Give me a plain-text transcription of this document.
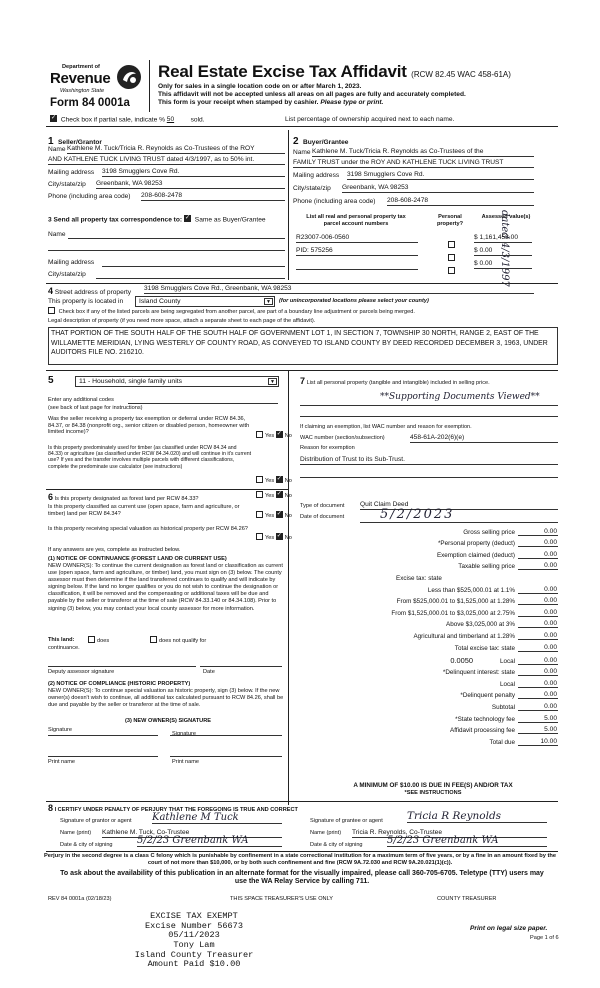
Department of
Revenue
Washington State
Form 84 0001a
Real Estate Excise Tax Affidavit (RCW 82.45 WAC 458-61A)
Only for sales in a single location code on or after March 1, 2023.
This affidavit will not be accepted unless all areas on all pages are fully and accurately completed.
This form is your receipt when stamped by cashier. Please type or print.
✓ Check box if partial sale, indicate % 50	sold.	List percentage of ownership acquired next to each name.
1 Seller/Grantor
Name Kathlene M. Tuck/Tricia R. Reynolds as Co-Trustees of the ROY
AND KATHLENE TUCK LIVING TRUST dated 4/3/1997, as to 50% int.
Mailing address 3198 Smugglers Cove Rd.
City/state/zip Greenbank, WA 98253
Phone (including area code) 208-608-2478
2 Buyer/Grantee
Name Kathlene M. Tuck/Tricia R. Reynolds as Co-Trustees of the
FAMILY TRUST under the ROY AND KATHLENE TUCK LIVING TRUST
Mailing address 3198 Smugglers Cove Rd.
City/state/zip Greenbank, WA 98253
Phone (including area code) 208-608-2478
dated 4/3/1997
3 Send all property tax correspondence to: ✓ Same as Buyer/Grantee
Name
Mailing address
City/state/zip
List all real and personal property tax parcel account numbers
Personal property?
Assessed value(s)
R23007-006-0560	$ 1,161,453.00
PID: 575256	$ 0.00
$ 0.00
4 Street address of property
3198 Smugglers Cove Rd., Greenbank, WA 98253
This property is located in	Island County	▼	(for unincorporated locations please select your county)
Check box if any of the listed parcels are being segregated from another parcel, are part of a boundary line adjustment or parcels being merged.
Legal description of property (if you need more space, attach a separate sheet to each page of the affidavit).
THAT PORTION OF THE SOUTH HALF OF THE SOUTH HALF OF GOVERNMENT LOT 1, IN SECTION 7, TOWNSHIP 30 NORTH, RANGE 2, EAST OF THE WILLAMETTE MERIDIAN, LYING WESTERLY OF COUNTY ROAD, AS CONVEYED TO ISLAND COUNTY BY DEED RECORDED DECEMBER 3, 1963, UNDER AUDITORS FILE NO. 216210.
5	11 - Household, single family units	▼
Enter any additional codes
(see back of last page for instructions)
Was the seller receiving a property tax exemption or deferral under RCW 84.36, 84.37, or 84.38 (nonprofit org., senior citizen or disabled person, homeowner with limited income)?
Yes ✓ No
Is this property predominately used for timber (as classified under RCW 84.34 and 84.33) or agriculture (as classified under RCW 84.34.020) and will continue in it's current use? If yes and the transfer involves multiple parcels with different classifications, complete the predominate use calculator (see instructions)
Yes ✓ No
6 Is this property designated as forest land per RCW 84.33?
Yes ✓ No
Is this property classified as current use (open space, farm and agriculture, or timber) land per RCW 84.34?	Yes ✓ No
Is this property receiving special valuation as historical property per RCW 84.26?
Yes ✓ No
If any answers are yes, complete as instructed below.
(1) NOTICE OF CONTINUANCE (FOREST LAND OR CURRENT USE)
NEW OWNER(S): To continue the current designation as forest land or classification as current use (open space, farm and agriculture, or timber) land, you must sign on (3) below. The county assessor must then determine if the land transferred continues to qualify and will indicate by signing below. If the land no longer qualifies or you do not wish to continue the designation or classification, it will be removed and the compensating or additional taxes will be due and payable by the seller or transferor at the time of sale (RCW 84.33.140 or 84.34.108). Prior to signing (3) below, you may contact your local county assessor for more information.
This land:	does	does not qualify for
continuance.
Deputy assessor signature	Date
(2) NOTICE OF COMPLIANCE (HISTORIC PROPERTY)
NEW OWNER(S): To continue special valuation as historic property, sign (3) below. If the new owner(s) doesn't wish to continue, all additional tax calculated pursuant to RCW 84.26, shall be due and payable by the seller or transferor at the time of sale.
(3) NEW OWNER(S) SIGNATURE
Signature
Signature
Print name	Print name
7 List all personal property (tangible and intangible) included in selling price.
**Supporting Documents Viewed**
If claiming an exemption, list WAC number and reason for exemption.
WAC number (section/subsection)	458-61A-202(6)(e)
Reason for exemption
Distribution of Trust to its Sub-Trust.
Type of document Quit Claim Deed
Date of document	5/2/2023
Gross selling price	0.00
*Personal property (deduct)	0.00
Exemption claimed (deduct)	0.00
Taxable selling price	0.00
Excise tax: state
Less than $525,000.01 at 1.1%	0.00
From $525,000.01 to $1,525,000 at 1.28%	0.00
From $1,525,000.01 to $3,025,000 at 2.75%	0.00
Above $3,025,000 at 3%	0.00
Agricultural and timberland at 1.28%	0.00
Total excise tax: state	0.00
0.0050	Local	0.00
*Delinquent interest: state	0.00
Local	0.00
*Delinquent penalty	0.00
Subtotal	0.00
*State technology fee	5.00
Affidavit processing fee	5.00
Total due	10.00
A MINIMUM OF $10.00 IS DUE IN FEE(S) AND/OR TAX
*SEE INSTRUCTIONS
8 I CERTIFY UNDER PENALTY OF PERJURY THAT THE FOREGOING IS TRUE AND CORRECT
Signature of grantor or agent Kathlene M Tuck
Name (print) Kathlene M. Tuck, Co-Trustee
Date & city of signing 5/2/23 Greenbank WA
Signature of grantee or agent Tricia R Reynolds
Name (print) Tricia R. Reynolds, Co-Trustee
Date & city of signing 5/2/23 Greenbank WA
Perjury in the second degree is a class C felony which is punishable by confinement in a state correctional institution for a maximum term of five years, or by a fine in an amount fixed by the court of not more than $10,000, or by both such confinement and fine (RCW 9A.72.030 and RCW 9A.20.021(1)(c)).
To ask about the availability of this publication in an alternate format for the visually impaired, please call 360-705-6705. Teletype (TTY) users may use the WA Relay Service by calling 711.
REV 84 0001a (02/18/23)	THIS SPACE TREASURER'S USE ONLY	COUNTY TREASURER
EXCISE TAX EXEMPT
Excise Number 56673
05/11/2023
Tony Lam
Island County Treasurer
Amount Paid $10.00
Print on legal size paper.
Page 1 of 6
